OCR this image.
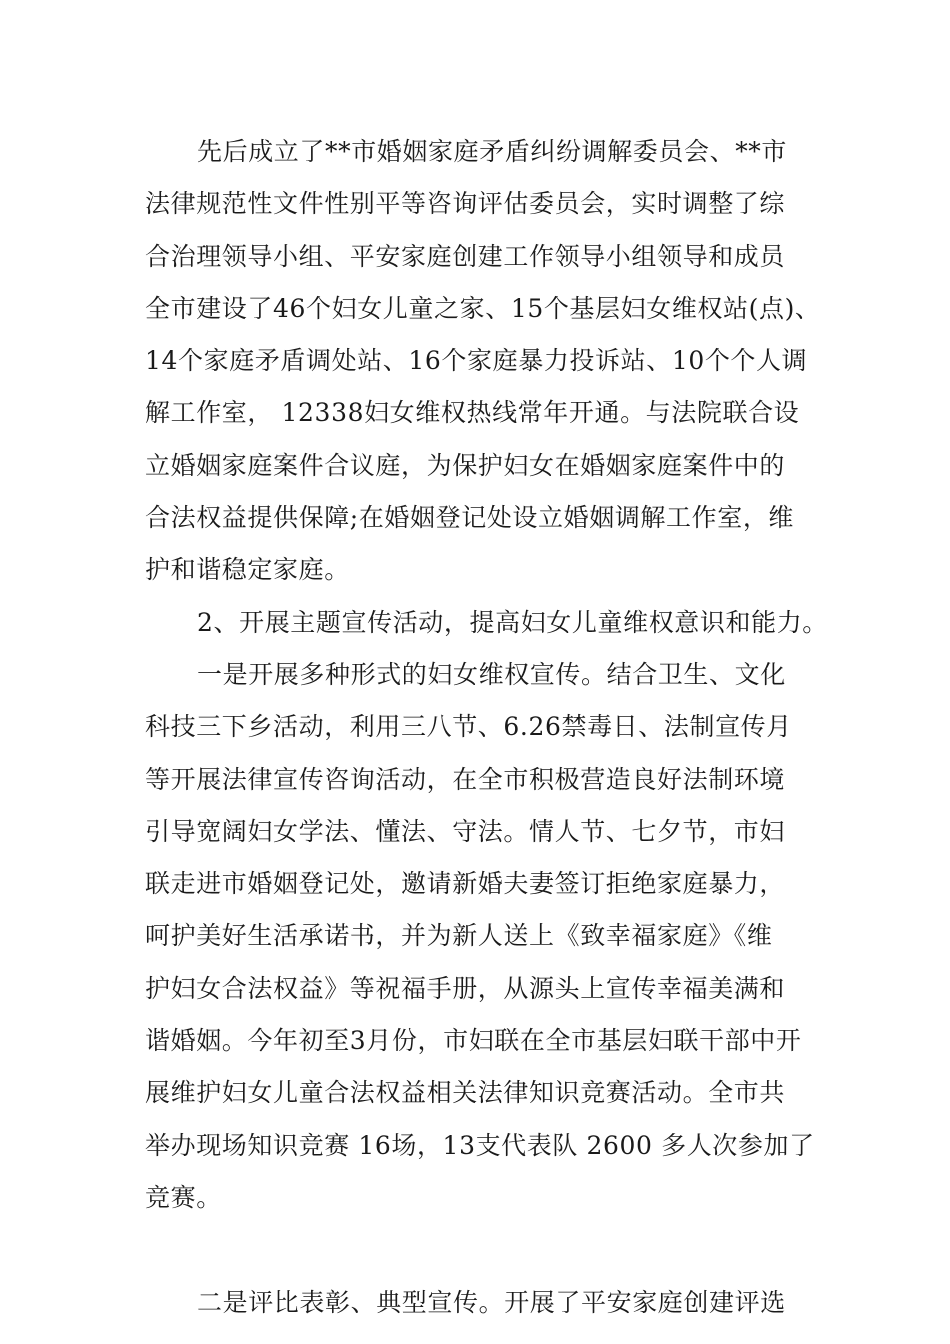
先后成立了**市婚姻家庭矛盾纠纷调解委员会、**市
法律规范性文件性别平等咨询评估委员会，实时调整了综
合治理领导小组、平安家庭创建工作领导小组领导和成员
全市建设了46个妇女儿童之家、15个基层妇女维权站(点)、
14个家庭矛盾调处站、16个家庭暴力投诉站、10个个人调
解工作室， 12338妇女维权热线常年开通。与法院联合设
立婚姻家庭案件合议庭，为保护妇女在婚姻家庭案件中的
合法权益提供保障;在婚姻登记处设立婚姻调解工作室，维
护和谐稳定家庭。
2、开展主题宣传活动，提高妇女儿童维权意识和能力。
一是开展多种形式的妇女维权宣传。结合卫生、文化
科技三下乡活动，利用三八节、6.26禁毒日、法制宣传月
等开展法律宣传咨询活动，在全市积极营造良好法制环境
引导宽阔妇女学法、懂法、守法。情人节、七夕节，市妇
联走进市婚姻登记处，邀请新婚夫妻签订拒绝家庭暴力，
呵护美好生活承诺书，并为新人送上《致幸福家庭》《维
护妇女合法权益》等祝福手册，从源头上宣传幸福美满和
谐婚姻。今年初至3月份，市妇联在全市基层妇联干部中开
展维护妇女儿童合法权益相关法律知识竞赛活动。全市共
举办现场知识竞赛 16场，13支代表队 2600 多人次参加了
竞赛。
二是评比表彰、典型宣传。开展了平安家庭创建评选
